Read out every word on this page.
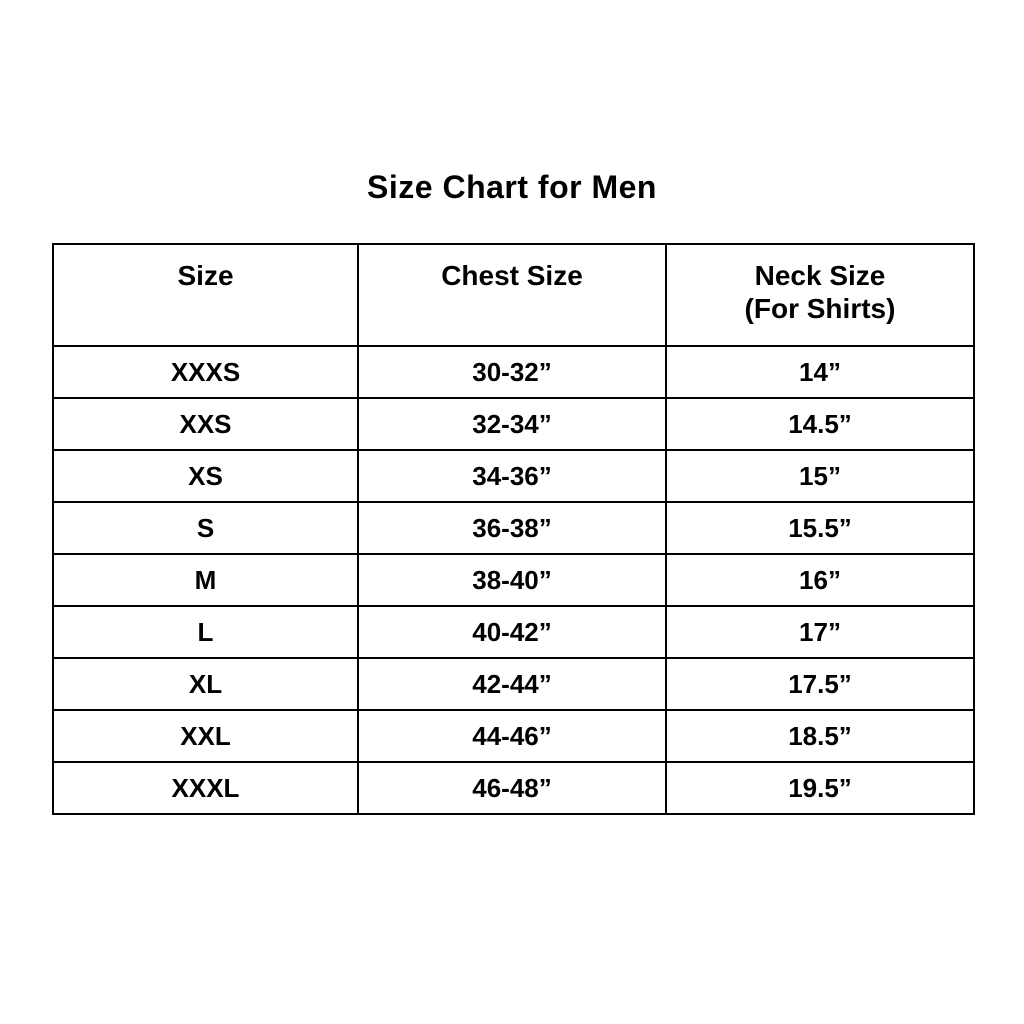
Size Chart for Men
Size	Chest Size	Neck Size
(For Shirts)

XXXS	30-32”	14”
XXS	32-34”	14.5”
XS	34-36”	15”
S	36-38”	15.5”
M	38-40”	16”
L	40-42”	17”
XL	42-44”	17.5”
XXL	44-46”	18.5”
XXXL	46-48”	19.5”
